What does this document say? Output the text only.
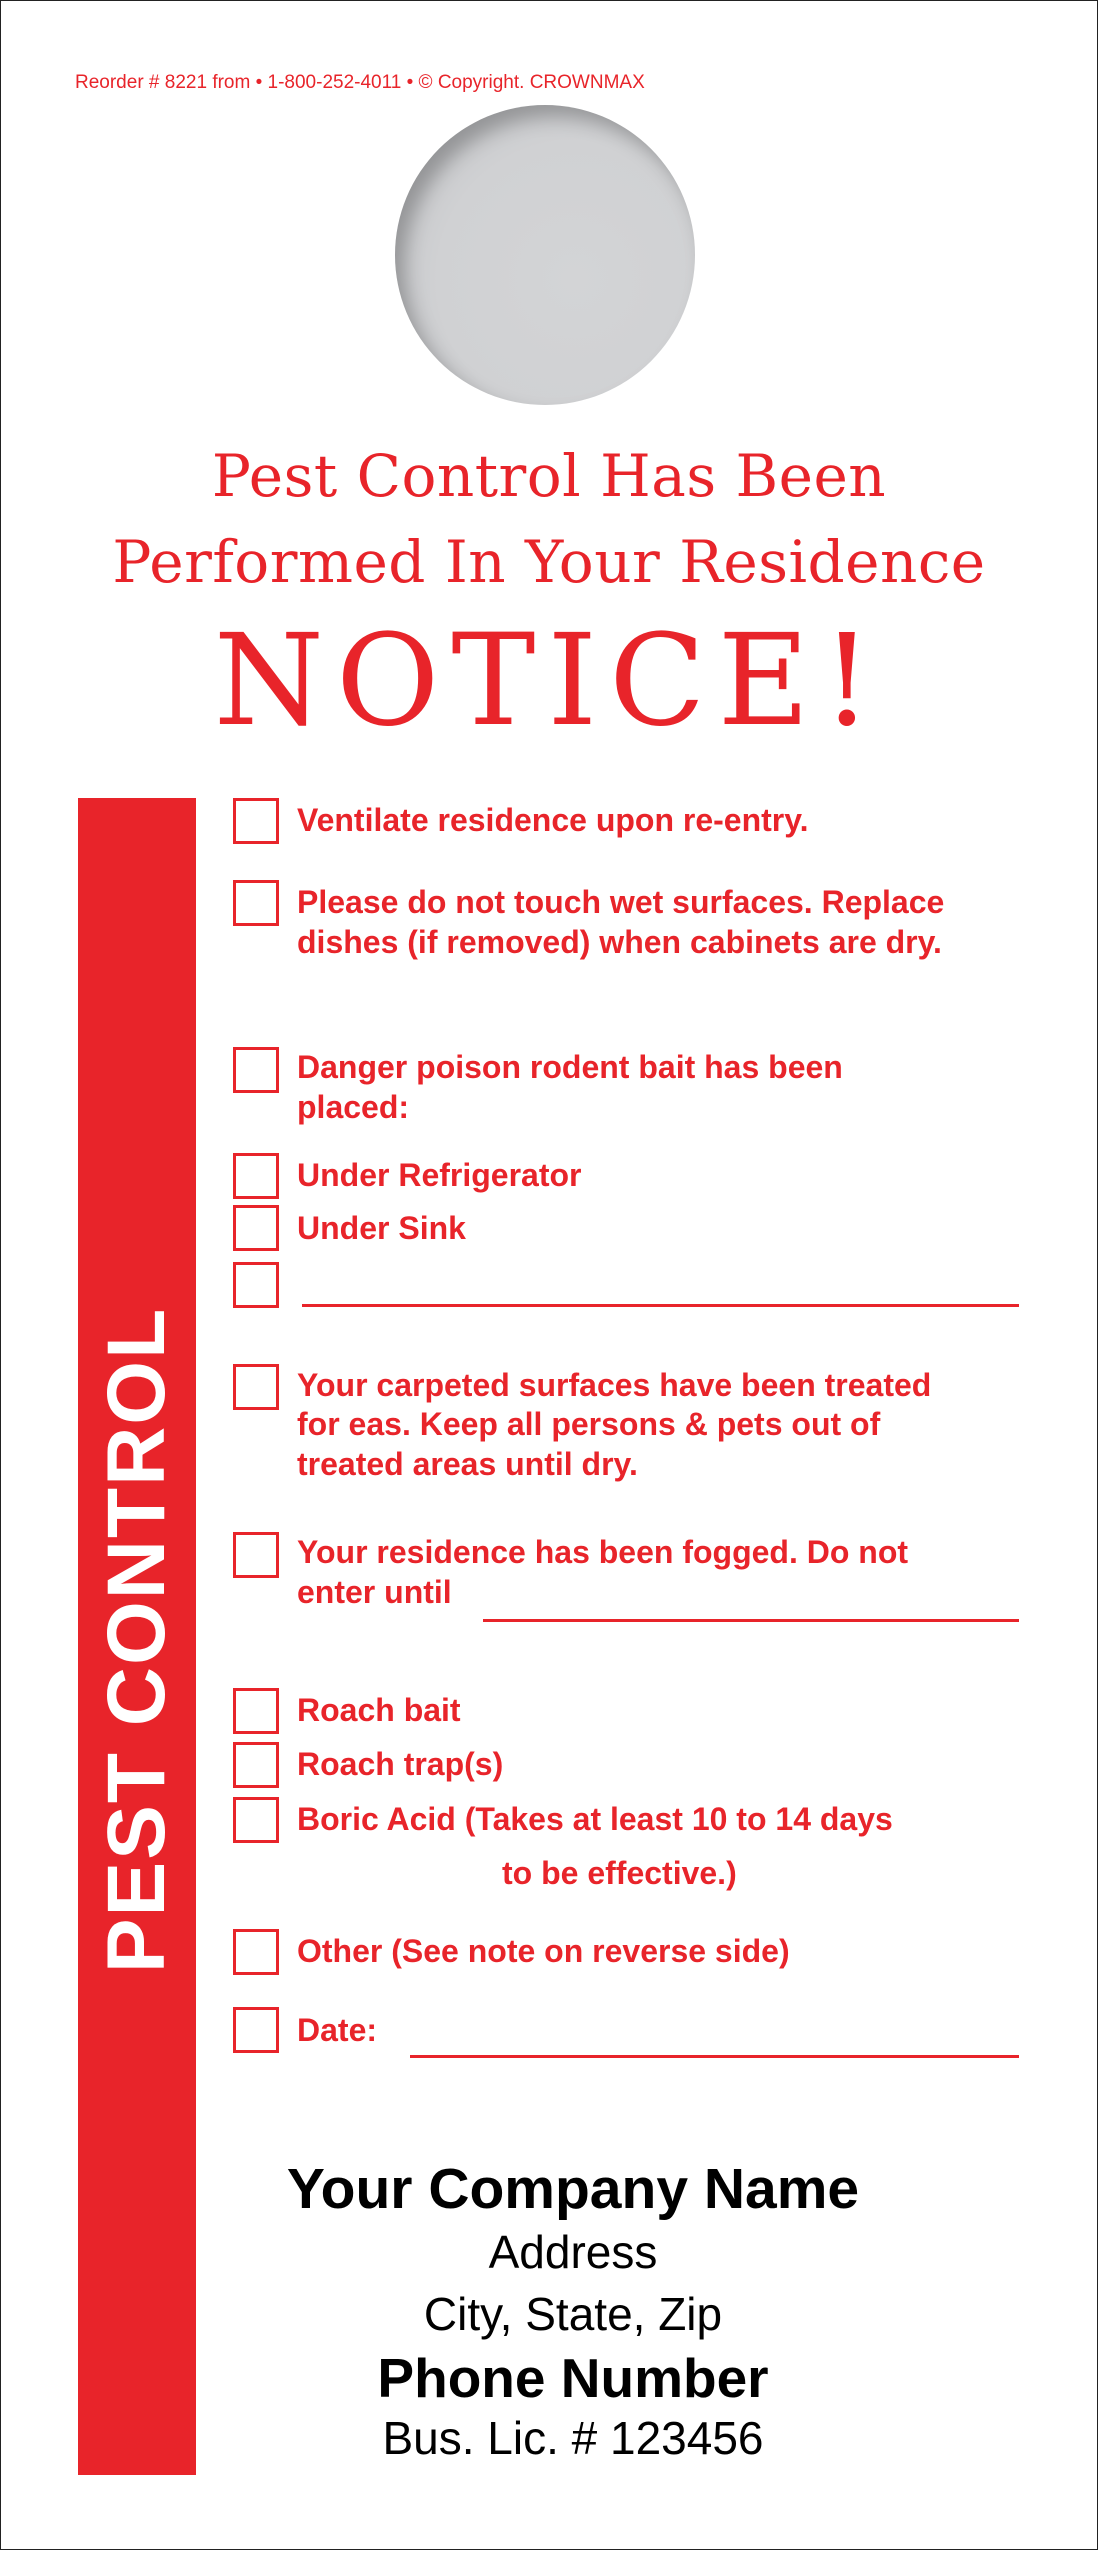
Reorder # 8221 from • 1-800-252-4011 • © Copyright. CROWNMAX
Pest Control Has Been
Performed In Your Residence
NOTICE!
PEST CONTROL
Ventilate residence upon re-entry.
Please do not touch wet surfaces. Replace
dishes (if removed) when cabinets are dry.
Danger poison rodent bait has been
placed:
Under Refrigerator
Under Sink
Your carpeted surfaces have been treated
for eas. Keep all persons & pets out of
treated areas until dry.
Your residence has been fogged. Do not
enter until
Roach bait
Roach trap(s)
Boric Acid (Takes at least 10 to 14 days
to be effective.)
Other (See note on reverse side)
Date:
Your Company Name
Address
City, State, Zip
Phone Number
Bus. Lic. # 123456
